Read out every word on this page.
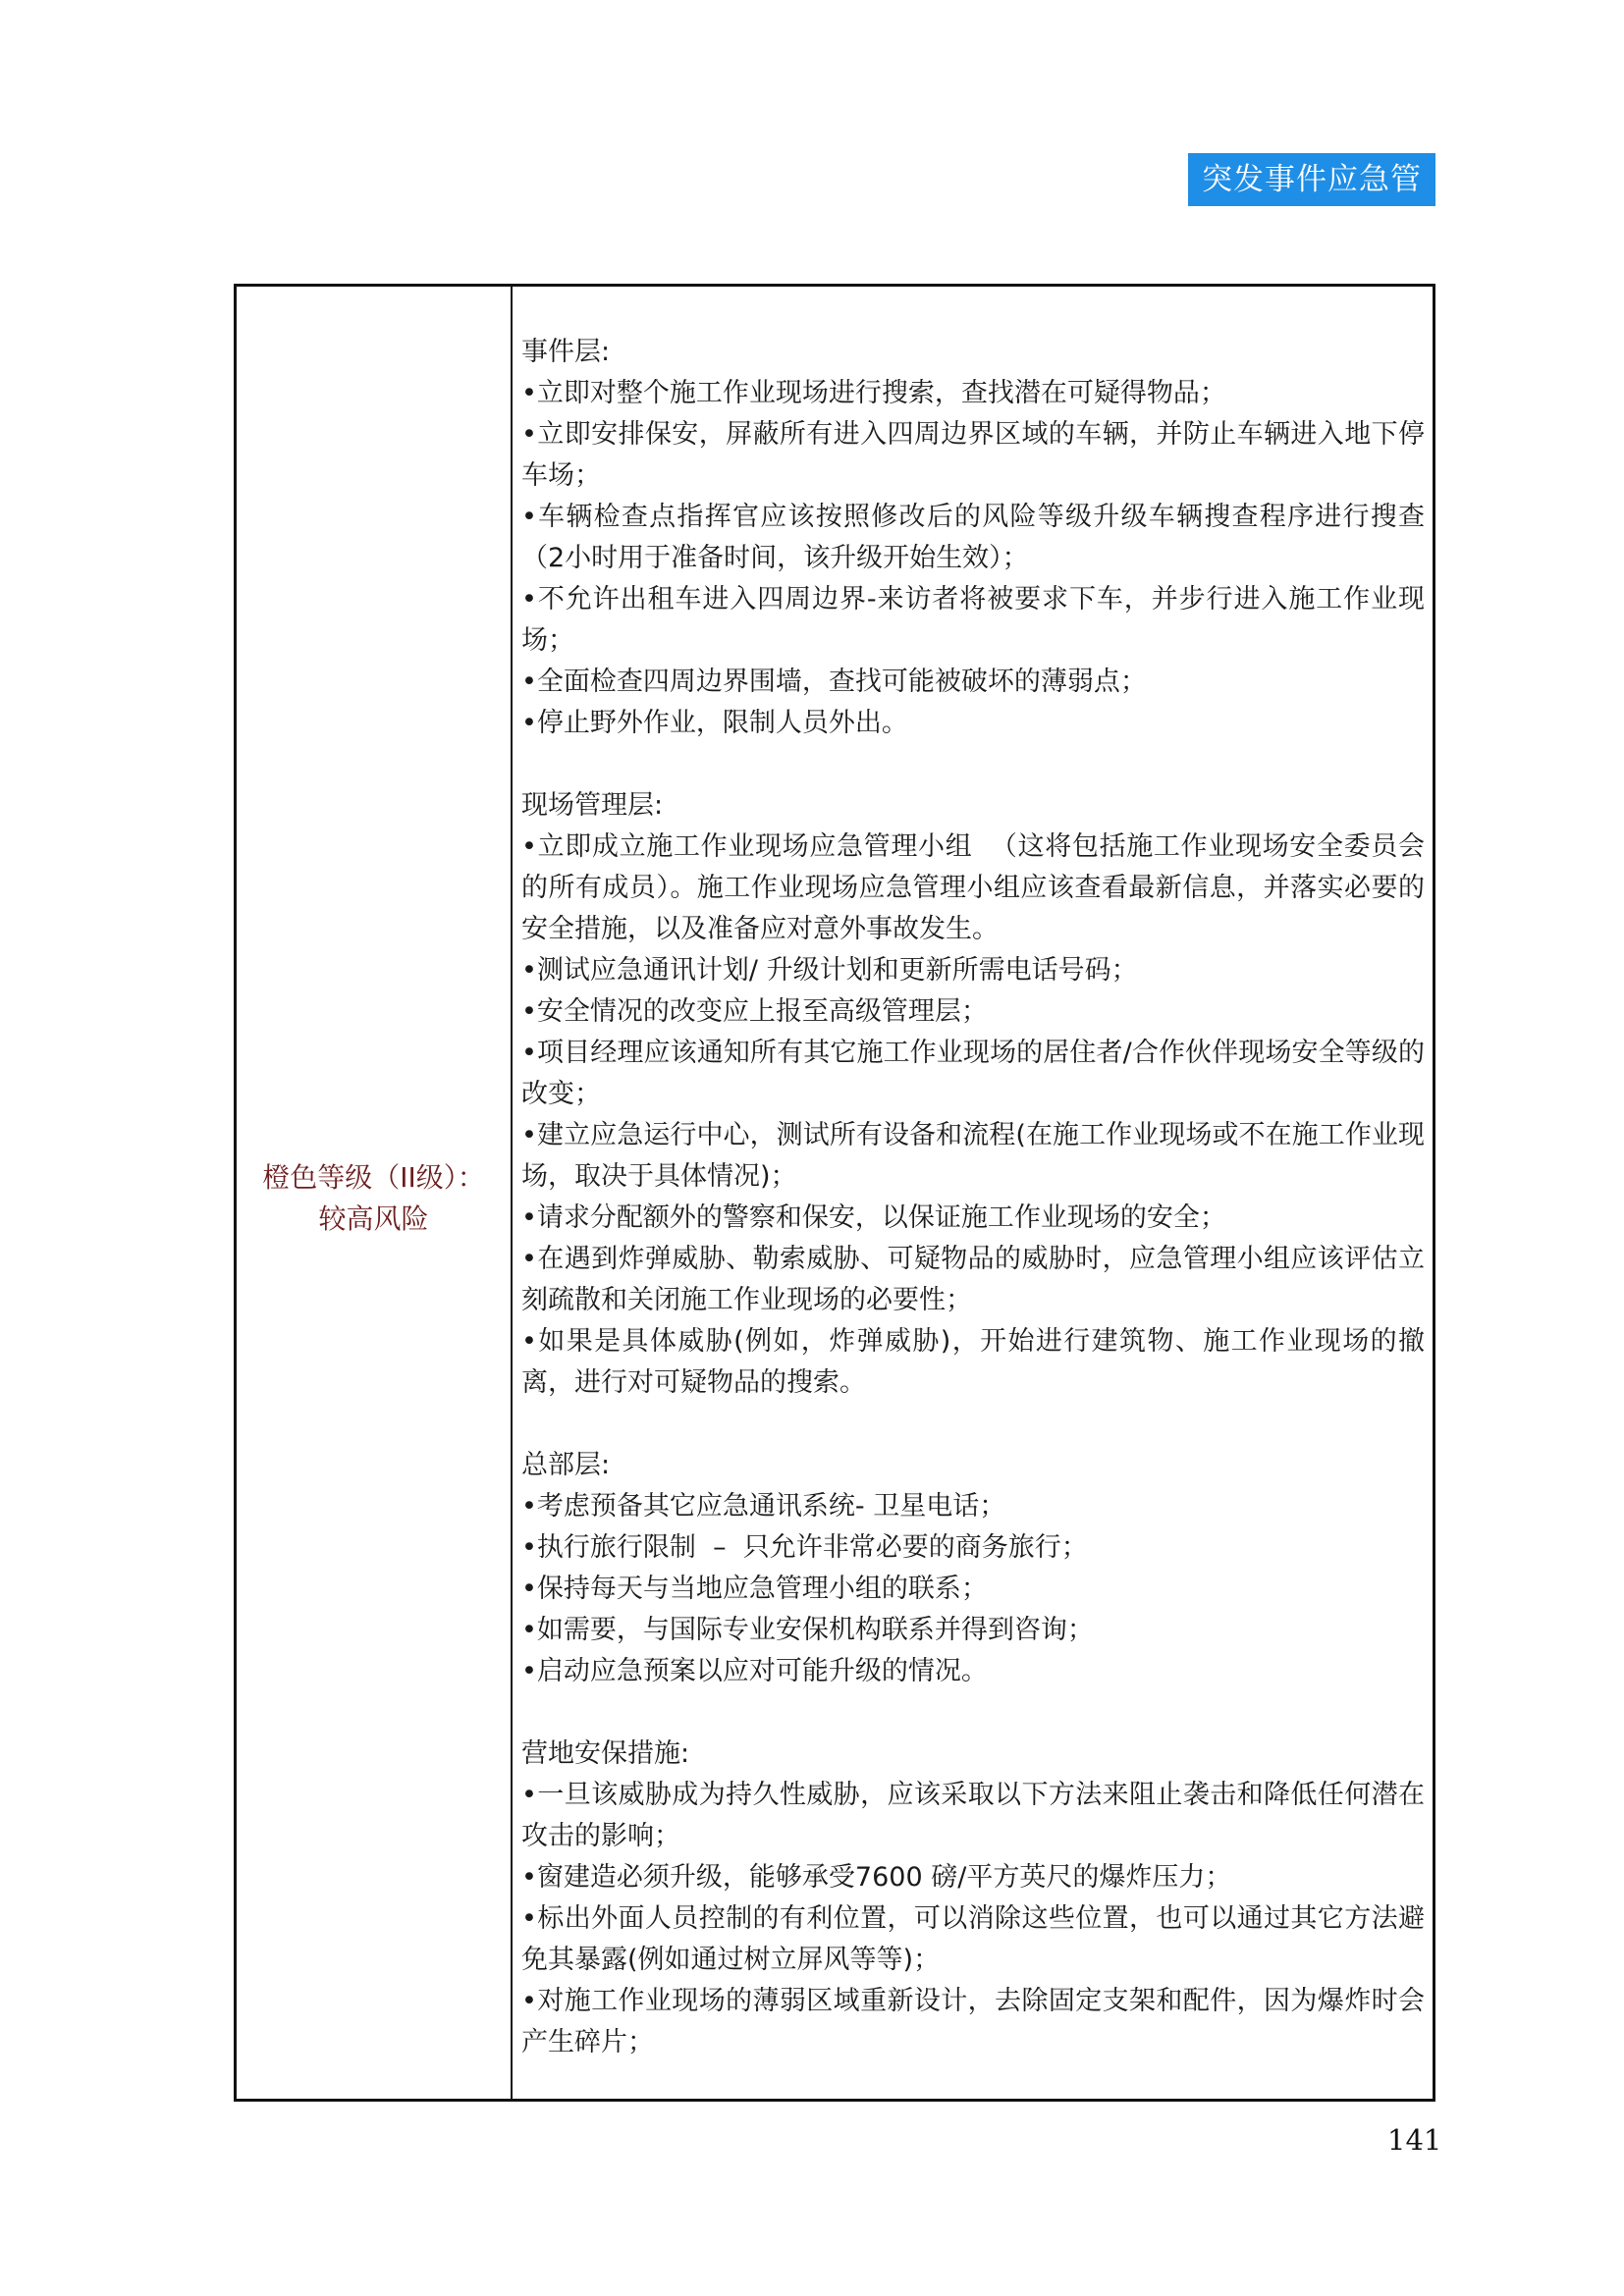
突发事件应急管理
橙色等级（II级）：
较高风险
事件层:
•立即对整个施工作业现场进行搜索，查找潜在可疑得物品；
•立即安排保安，屏蔽所有进入四周边界区域的车辆，并防止车辆进入地下停车场；
•车辆检查点指挥官应该按照修改后的风险等级升级车辆搜查程序进行搜查（2小时用于准备时间，该升级开始生效）；
•不允许出租车进入四周边界-来访者将被要求下车，并步行进入施工作业现场；
•全面检查四周边界围墙，查找可能被破坏的薄弱点；
•停止野外作业，限制人员外出。
现场管理层:
•立即成立施工作业现场应急管理小组  （这将包括施工作业现场安全委员会的所有成员）。施工作业现场应急管理小组应该查看最新信息，并落实必要的安全措施，以及准备应对意外事故发生。
•测试应急通讯计划/ 升级计划和更新所需电话号码；
•安全情况的改变应上报至高级管理层；
•项目经理应该通知所有其它施工作业现场的居住者/合作伙伴现场安全等级的改变；
•建立应急运行中心，测试所有设备和流程(在施工作业现场或不在施工作业现场，取决于具体情况)；
•请求分配额外的警察和保安，以保证施工作业现场的安全；
•在遇到炸弹威胁、勒索威胁、可疑物品的威胁时，应急管理小组应该评估立刻疏散和关闭施工作业现场的必要性；
•如果是具体威胁(例如，炸弹威胁)，开始进行建筑物、施工作业现场的撤离，进行对可疑物品的搜索。
总部层:
•考虑预备其它应急通讯系统- 卫星电话；
•执行旅行限制  –  只允许非常必要的商务旅行；
•保持每天与当地应急管理小组的联系；
•如需要，与国际专业安保机构联系并得到咨询；
•启动应急预案以应对可能升级的情况。
营地安保措施:
•一旦该威胁成为持久性威胁，应该采取以下方法来阻止袭击和降低任何潜在攻击的影响；
•窗建造必须升级，能够承受7600 磅/平方英尺的爆炸压力；
•标出外面人员控制的有利位置，可以消除这些位置，也可以通过其它方法避免其暴露(例如通过树立屏风等等)；
•对施工作业现场的薄弱区域重新设计，去除固定支架和配件，因为爆炸时会产生碎片；
141
